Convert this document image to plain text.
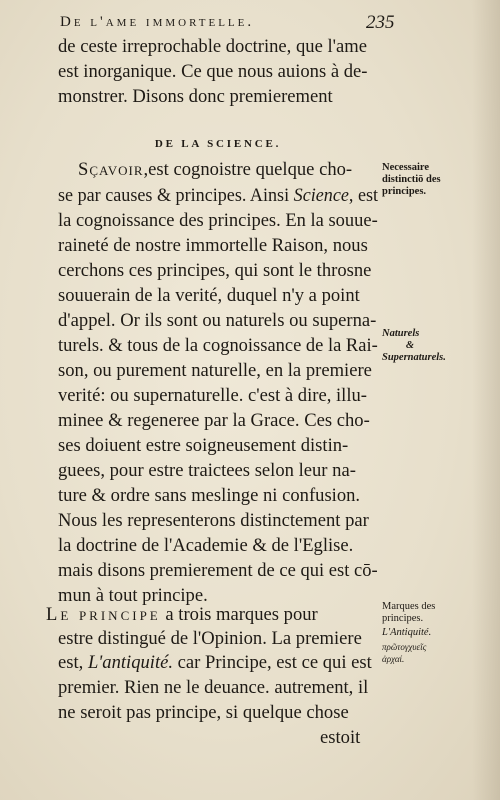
De l'ame immortelle.	235
de ceste irreprochable doctrine, que l'ame
est inorganique. Ce que nous auions à de-
monstrer. Disons donc premierement
DE LA SCIENCE.
Sçavoir,est cognoistre quelque cho-
se par causes & principes. Ainsi Science, est
la cognoissance des principes. En la souue-
raineté de nostre immortelle Raison, nous
cerchons ces principes, qui sont le throsne
souuerain de la verité, duquel n'y a point
d'appel. Or ils sont ou naturels ou superna-
turels. & tous de la cognoissance de la Rai-
son, ou purement naturelle, en la premiere
verité: ou supernaturelle. c'est à dire, illu-
minee & regeneree par la Grace. Ces cho-
ses doiuent estre soigneusement distin-
guees, pour estre traictees selon leur na-
ture & ordre sans meslinge ni confusion.
Nous les representerons distinctement par
la doctrine de l'Academie & de l'Eglise.
mais disons premierement de ce qui est cō-
mun à tout principe.
Le principe a trois marques pour
estre distingué de l'Opinion. La premiere
est, L'antiquité. car Principe, est ce qui est
premier. Rien ne le deuance. autrement, il
ne seroit pas principe, si quelque chose
estoit
Necessaire
distinctiō des
principes.
Naturels
&
Supernaturels.
Marques des
principes.
L'Antiquité.
πρῶτογχυεῖς
ἀρχαί.
